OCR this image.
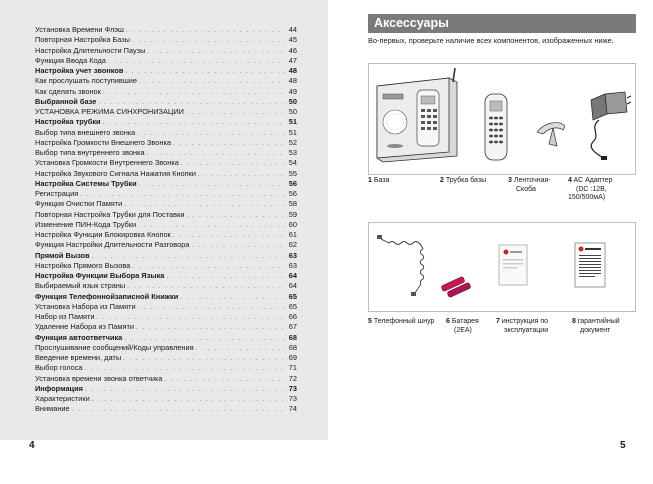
Установка Времени Флэш . . .	44
Повторная Настройка Базы . . .	45
Настройка Длительности Паузы . . .	46
Функция Ввода Кода . . .	47
Настройка учет звонков . . .	48
Как прослушать поступившие . . .	48
Как сделать звонок . . .	49
Выбранной базе . . .	50
УСТАНОВКА РЕЖИМА СИНХРОНИЗАЦИИ . . .	50
Настройка трубки . . .	51
Выбор типа внешнего звонка . . .	51
Настройка Громкости Внешнего Звонка . . .	52
Выбор типа внутреннего звонка . . .	53
Установка Громкости Внутреннего Звонка . . .	54
Настройка Звукового Сигнала Нажатия Кнопки . . .	55
Настройка Системы Трубки . . .	56
Регистрация . . .	56
Функция Очистки Памяти . . .	58
Повторная Настройка Трубки для Поставки . . .	59
Изменение ПИН-Кода Трубки . . .	60
Настройка Функции Блокировка Кнопок . . .	61
Функция Настройки Длительности Разговора . . .	62
Прямой Вызов . . .	63
Настройка Прямого Вызова . . .	63
Настройка Функции Выбора Языка . . .	64
Выбираемый язык страны . . .	64
Функция Телефоннойзаписной Книжки . . .	65
Установка Набора из Памяти . . .	65
Набор из Памяти . . .	66
Удаление Набора из Памяти . . .	67
Функция автоответчика . . .	68
Прослушивание сообщений/Коды управления . . .	68
Введение времени, даты . . .	69
Выбор голоса . . .	71
Установка времени звонка ответчика . . .	72
Информация . . .	73
Характеристики . . .	73
Внимание . . .	74
4
Аксессуары
Во-первых, проверьте наличие всех компонентов, изображенных ниже.
1 База	2 Трубка базы	3 Ленточная-
Скоба
4 AC Адаптер
(DC :12В, 150/500мА)
5 Телефонный шнур	6 Батарея
(2EA)
7 инструкция по
эксплуатации
8 гарантийный
документ
5
